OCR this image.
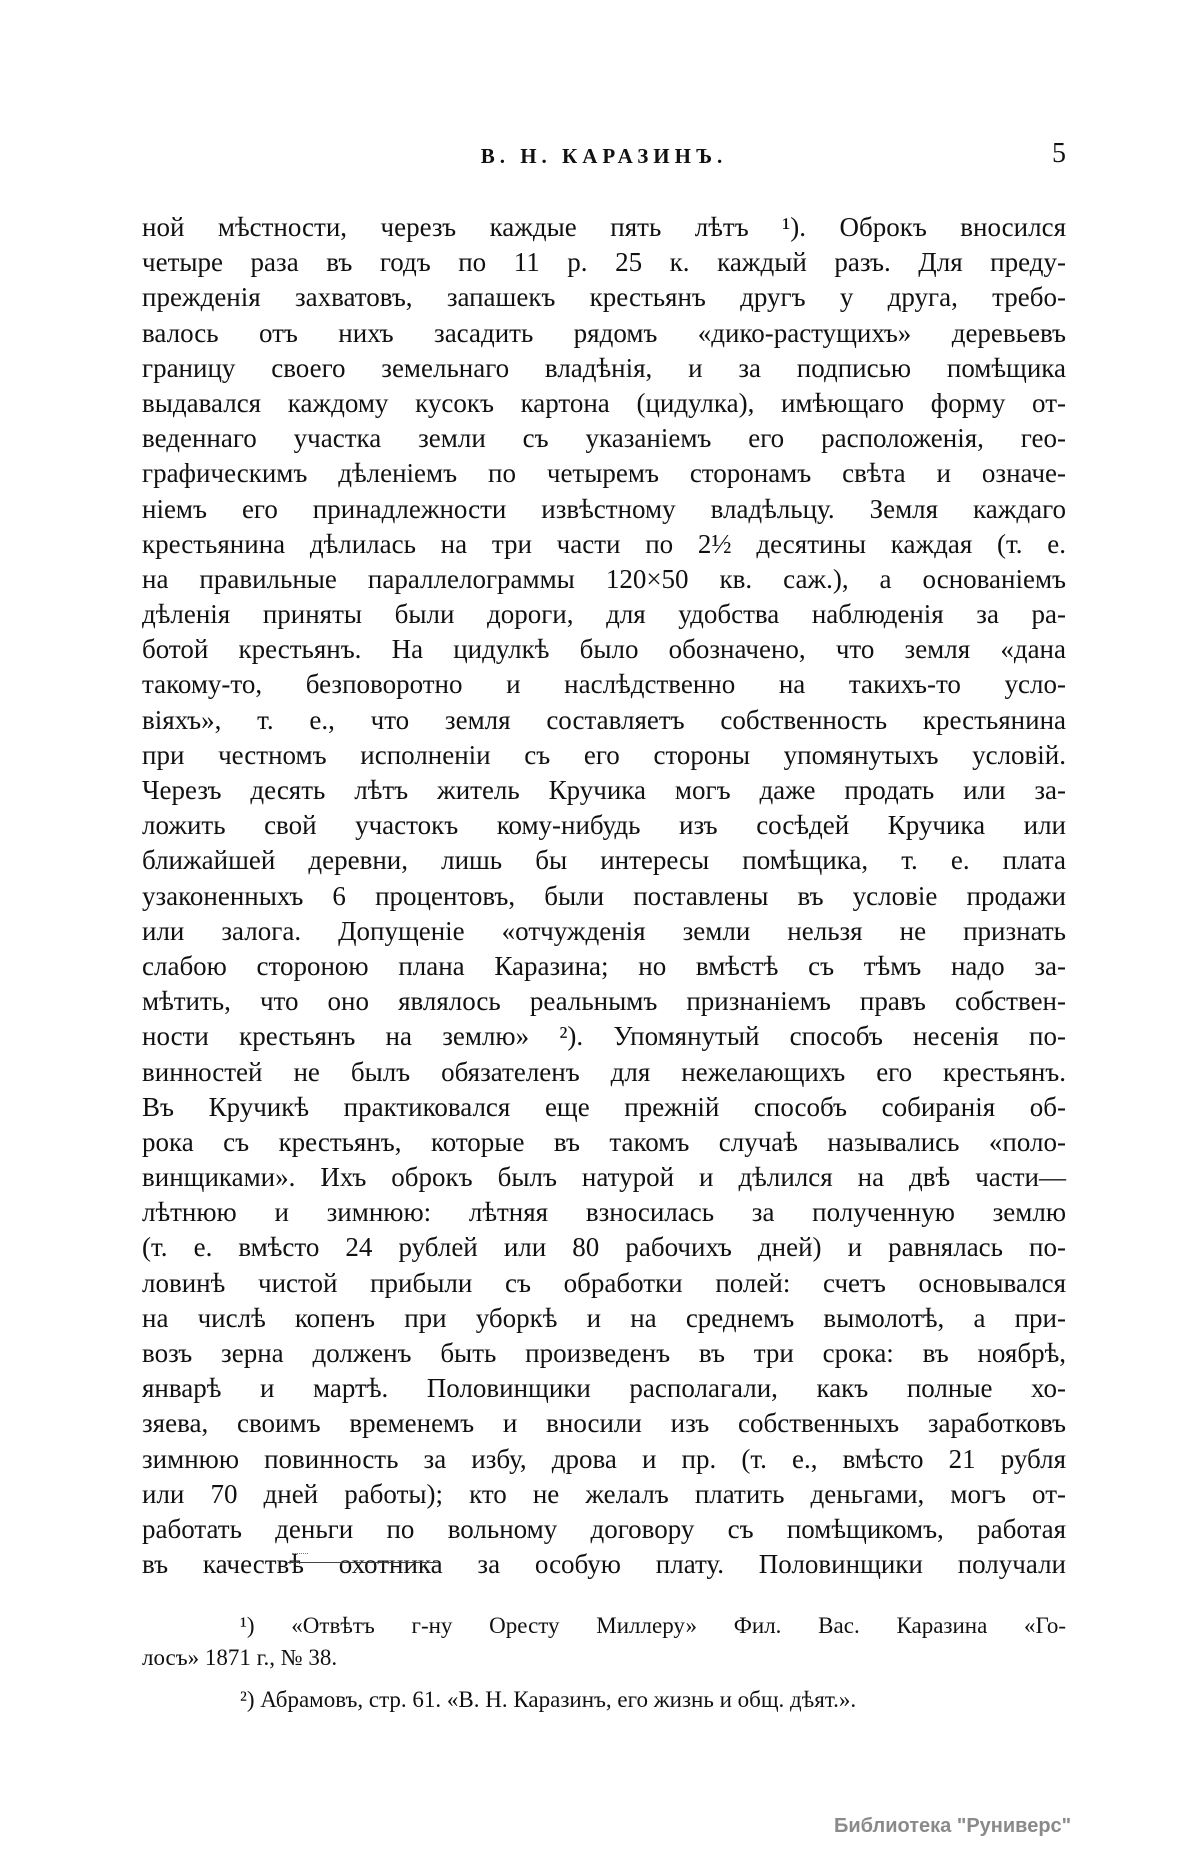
В. Н. КАРАЗИНЪ.	5
ной мѣстности, черезъ каждые пять лѣтъ ¹). Оброкъ вносился
четыре раза въ годъ по 11 р. 25 к. каждый разъ. Для преду-
прежденія захватовъ, запашекъ крестьянъ другъ у друга, требо-
валось отъ нихъ засадить рядомъ «дико-растущихъ» деревьевъ
границу своего земельнаго владѣнія, и за подписью помѣщика
выдавался каждому кусокъ картона (цидулка), имѣющаго форму от-
веденнаго участка земли съ указаніемъ его расположенія, гео-
графическимъ дѣленіемъ по четыремъ сторонамъ свѣта и означе-
ніемъ его принадлежности извѣстному владѣльцу. Земля каждаго
крестьянина дѣлилась на три части по 2½ десятины каждая (т. е.
на правильные параллелограммы 120×50 кв. саж.), а основаніемъ
дѣленія приняты были дороги, для удобства наблюденія за ра-
ботой крестьянъ. На цидулкѣ было обозначено, что земля «дана
такому-то, безповоротно и наслѣдственно на такихъ-то усло-
віяхъ», т. е., что земля составляетъ собственность крестьянина
при честномъ исполненіи съ его стороны упомянутыхъ условій.
Черезъ десять лѣтъ житель Кручика могъ даже продать или за-
ложить свой участокъ кому-нибудь изъ сосѣдей Кручика или
ближайшей деревни, лишь бы интересы помѣщика, т. е. плата
узаконенныхъ 6 процентовъ, были поставлены въ условіе продажи
или залога. Допущеніе «отчужденія земли нельзя не признать
слабою стороною плана Каразина; но вмѣстѣ съ тѣмъ надо за-
мѣтить, что оно являлось реальнымъ признаніемъ правъ собствен-
ности крестьянъ на землю» ²). Упомянутый способъ несенія по-
винностей не былъ обязателенъ для нежелающихъ его крестьянъ.
Въ Кручикѣ практиковался еще прежній способъ собиранія об-
рока съ крестьянъ, которые въ такомъ случаѣ назывались «поло-
винщиками». Ихъ оброкъ былъ натурой и дѣлился на двѣ части—
лѣтнюю и зимнюю: лѣтняя взносилась за полученную землю
(т. е. вмѣсто 24 рублей или 80 рабочихъ дней) и равнялась по-
ловинѣ чистой прибыли съ обработки полей: счетъ основывался
на числѣ копенъ при уборкѣ и на среднемъ вымолотѣ, а при-
возъ зерна долженъ быть произведенъ въ три срока: въ ноябрѣ,
январѣ и мартѣ. Половинщики располагали, какъ полные хо-
зяева, своимъ временемъ и вносили изъ собственныхъ заработковъ
зимнюю повинность за избу, дрова и пр. (т. е., вмѣсто 21 рубля
или 70 дней работы); кто не желалъ платить деньгами, могъ от-
работать деньги по вольному договору съ помѣщикомъ, работая
въ качествѣ охотника за особую плату. Половинщики получали
¹) «Отвѣтъ г-ну Оресту Миллеру» Фил. Вас. Каразина «Го-
лосъ» 1871 г., № 38.
²) Абрамовъ, стр. 61. «В. Н. Каразинъ, его жизнь и общ. дѣят.».
Библиотека "Руниверс"
